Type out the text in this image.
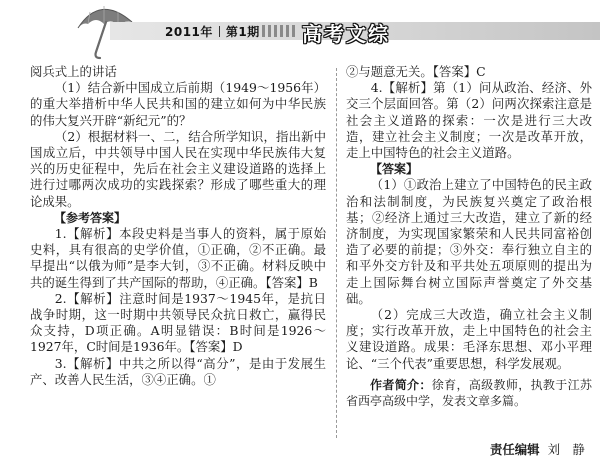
2011年 第1期 高考文综

阅兵式上的讲话

（1）结合新中国成立后前期（1949～1956年）的重大举措析中华人民共和国的建立如何为中华民族的伟大复兴开辟“新纪元”的？

（2）根据材料一、二，结合所学知识，指出新中国成立后，中共领导中国人民在实现中华民族伟大复兴的历史征程中，先后在社会主义建设道路的选择上进行过哪两次成功的实践探索？形成了哪些重大的理论成果。

【参考答案】

1.【解析】本段史料是当事人的资料，属于原始史料，具有很高的史学价值，①正确，②不正确。最早提出“以俄为师”是李大钊，③不正确。材料反映中共的诞生得到了共产国际的帮助，④正确。【答案】B

2.【解析】注意时间是1937～1945年，是抗日战争时期，这一时期中共领导民众抗日救亡，赢得民众支持，D项正确。A明显错误：B时间是1926～1927年，C时间是1936年。【答案】D

3.【解析】中共之所以得“高分”，是由于发展生产、改善人民生活，③④正确。①

②与题意无关。【答案】C

4.【解析】第（1）问从政治、经济、外交三个层面回答。第（2）问两次探索注意是社会主义道路的探索：一次是进行三大改造，建立社会主义制度；一次是改革开放，走上中国特色的社会主义道路。

【答案】

（1）①政治上建立了中国特色的民主政治和法制制度，为民族复兴奠定了政治根基；②经济上通过三大改造，建立了新的经济制度，为实现国家繁荣和人民共同富裕创造了必要的前提；③外交：奉行独立自主的和平外交方针及和平共处五项原则的提出为走上国际舞台树立国际声誉奠定了外交基础。

（2）完成三大改造，确立社会主义制度；实行改革开放，走上中国特色的社会主义建设道路。成果：毛泽东思想、邓小平理论、“三个代表”重要思想，科学发展观。

作者简介：徐育，高级教师，执教于江苏省西亭高级中学，发表文章多篇。

责任编辑 刘　静
